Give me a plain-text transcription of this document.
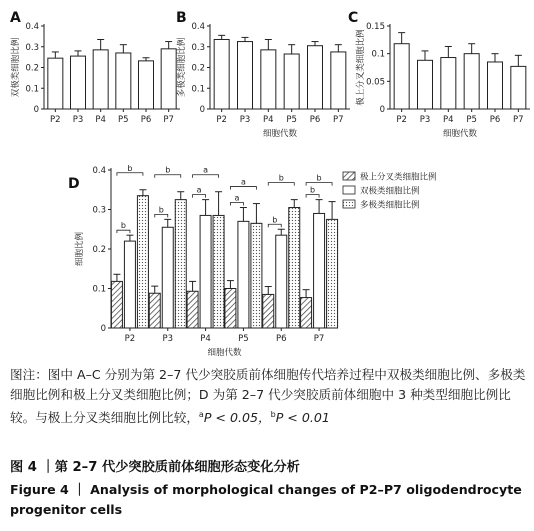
A
0
0.1
0.2
0.3
0.4
双极类细胞比例
P2 P3 P4 P5 P6 P7
B
0
0.1
0.2
0.3
0.4
多极类细胞比例
P2 P3 P4 P5 P6 P7
细胞代数
C
0
0.05
0.1
0.15
极上分叉类细胞比例
P2 P3 P4 P5 P6 P7
细胞代数
D
0
0.1
0.2
0.3
0.4
细胞比例
P2	P3	P4	P5	P6	P7
细胞代数
b
b
b
b
a
a
a
a
b
b
b
b	极上分叉类细胞比例
双极类细胞比例
多极类细胞比例
图注：图中 A–C 分别为第 2–7 代少突胶质前体细胞传代培养过程中双极类细胞比例、多极类细胞比例和极上分叉类细胞比例；D 为第 2–7 代少突胶质前体细胞中 3 种类型细胞比例比较。与极上分叉类细胞比例比较，$^a$P < 0.05，$^b$P < 0.01
图 4 ｜第 2–7 代少突胶质前体细胞形态变化分析
Figure 4 ｜ Analysis of morphological changes of P2–P7 oligodendrocyte progenitor cells
